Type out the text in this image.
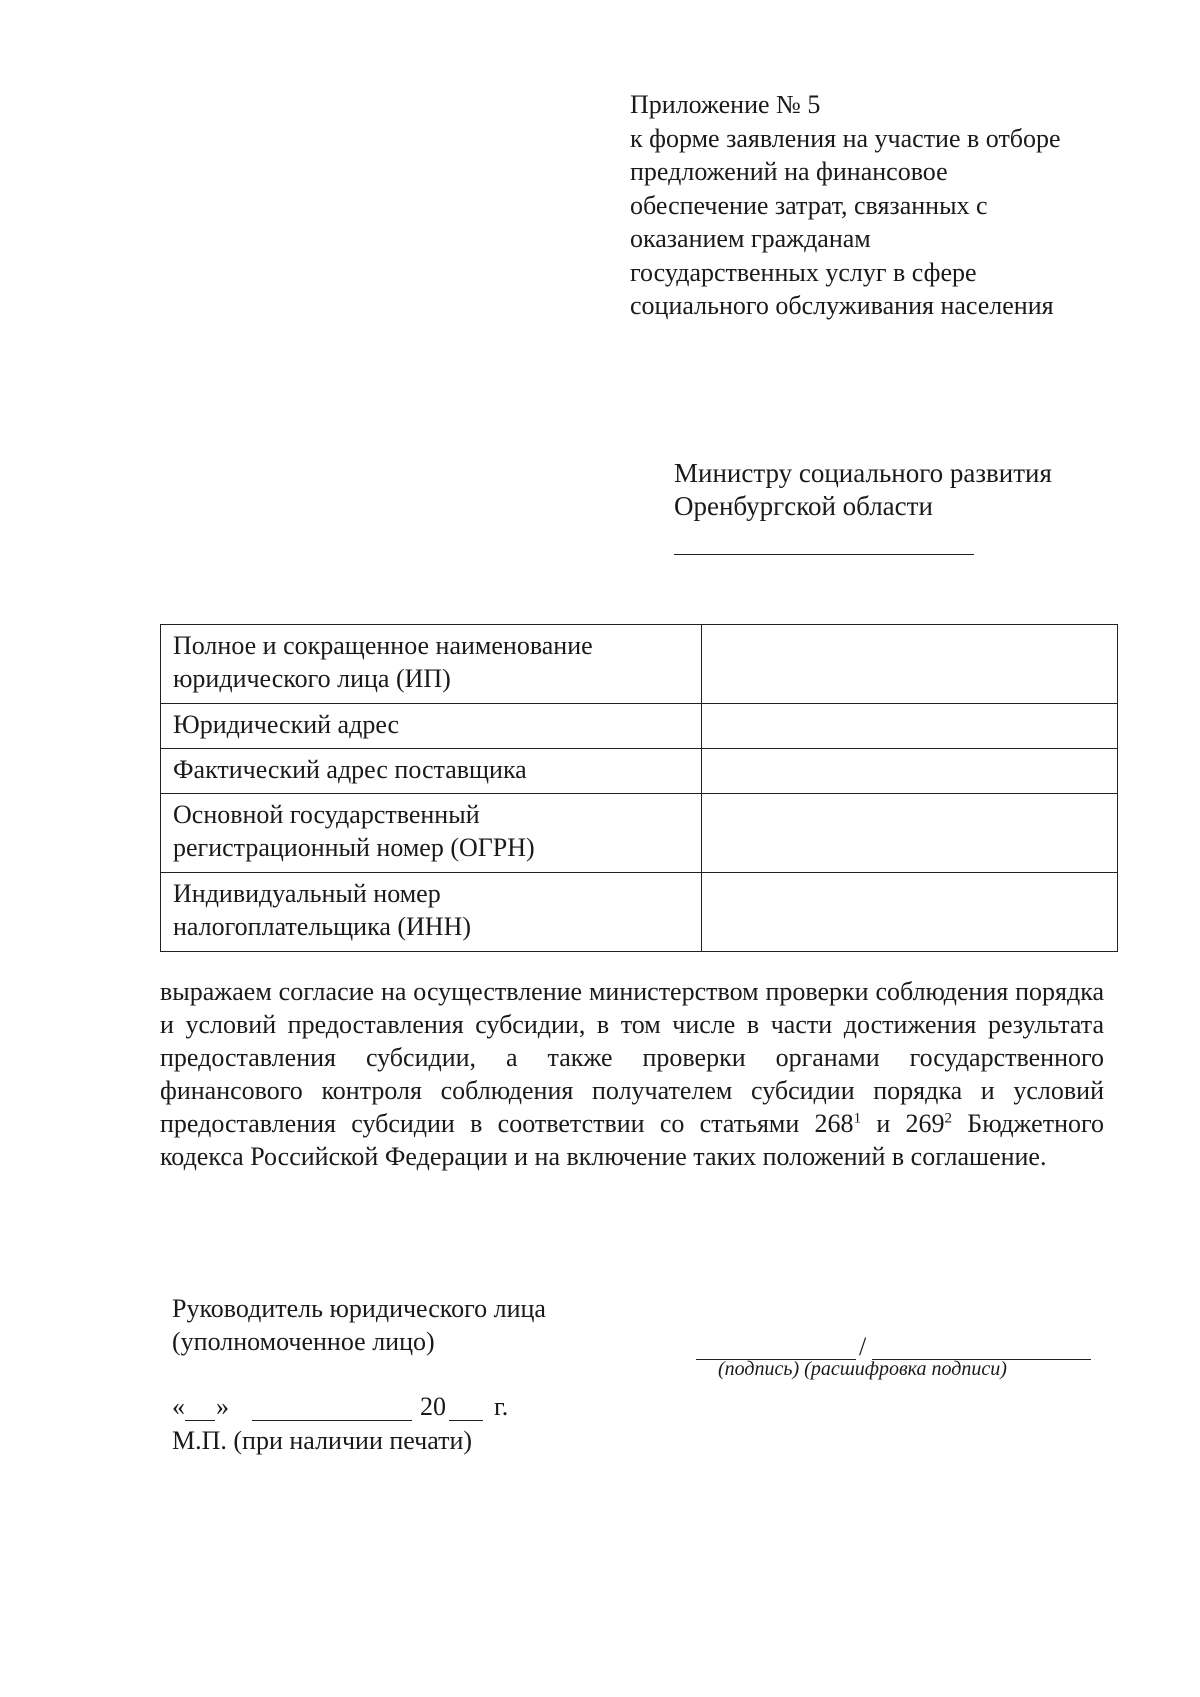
Приложение № 5
к форме заявления на участие в отборе
предложений на финансовое
обеспечение затрат, связанных с
оказанием гражданам
государственных услуг в сфере
социального обслуживания населения
Министру социального развития
Оренбургской области
Полное и сокращенное наименование
юридического лица (ИП)	

Юридический адрес	

Фактический адрес поставщика	

Основной государственный
регистрационный номер (ОГРН)	

Индивидуальный номер
налогоплательщика (ИНН)	

выражаем согласие на осуществление министерством проверки соблюдения порядка и условий предоставления субсидии, в том числе в части достижения результата предоставления субсидии, а также проверки органами государственного финансового контроля соблюдения получателем субсидии порядка и условий предоставления субсидии в соответствии со статьями $268^1$ и $269^2$ Бюджетного кодекса Российской Федерации и на включение таких положений в соглашение.
Руководитель юридического лица
(уполномоченное лицо)	/
(подпись) (расшифровка подписи)
« »	20 г.
М.П. (при наличии печати)
